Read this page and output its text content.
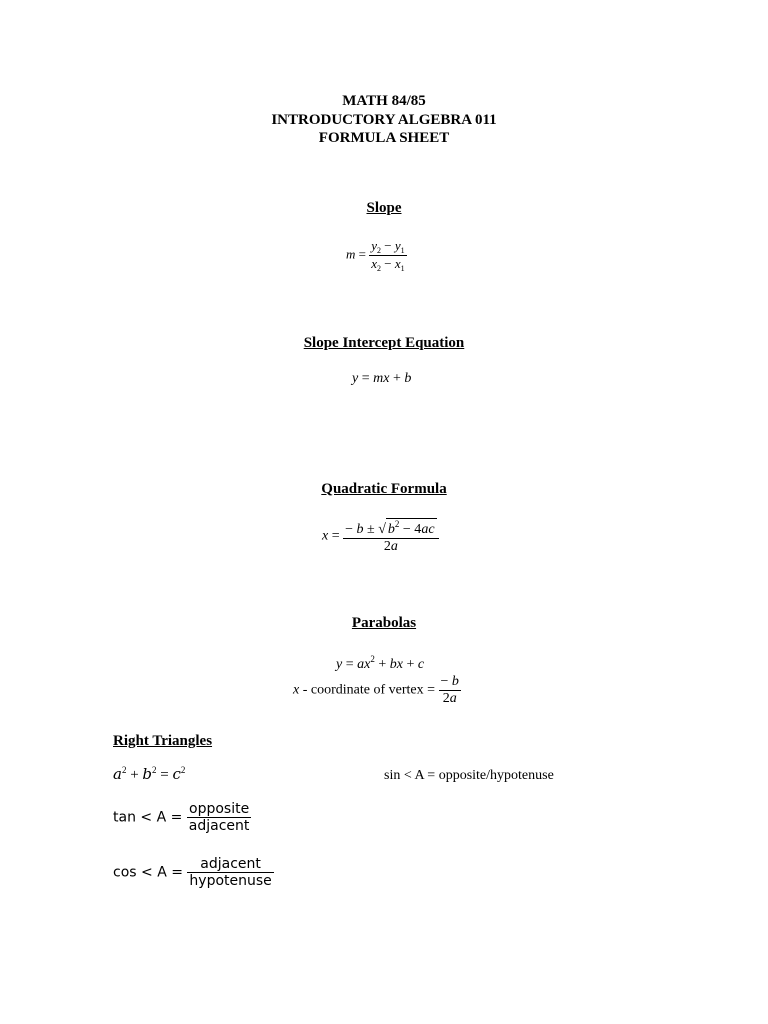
MATH 84/85
INTRODUCTORY ALGEBRA 011
FORMULA SHEET
Slope
$m = \frac{y_2 - y_1}{x_2 - x_1}$
Slope Intercept Equation
y = mx + b
Quadratic Formula
$x = \frac{- b \pm √ b^2 - 4ac}{2a}$
Parabolas
$y = ax^2$ + bx + c
x - coordinate of vertex = $\frac{- b}{2a}$
Right Triangles
$a^2 + b^2 = c^2$	sin < A = opposite/hypotenuse
$\tan < A = \frac{\text{opposite}}{\text{adjacent}}$
$\cos < A = \frac{\text{adjacent}}{\text{hypotenuse}}$
